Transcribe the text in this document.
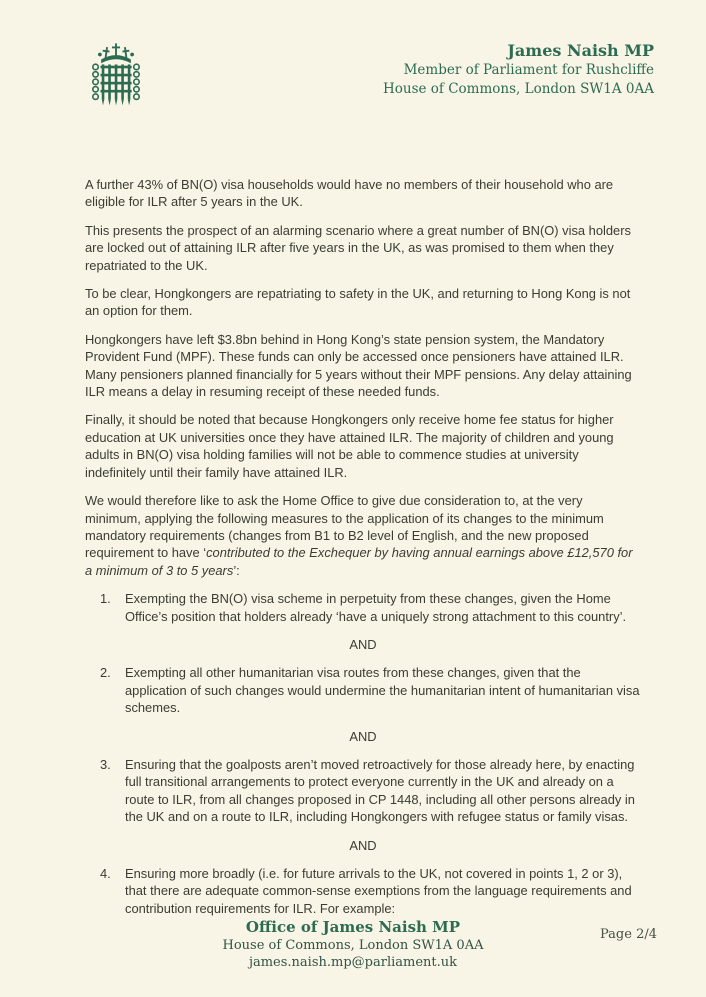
James Naish MP
Member of Parliament for Rushcliffe
House of Commons, London SW1A 0AA

A further 43% of BN(O) visa households would have no members of their household who are eligible for ILR after 5 years in the UK.

This presents the prospect of an alarming scenario where a great number of BN(O) visa holders are locked out of attaining ILR after five years in the UK, as was promised to them when they repatriated to the UK.

To be clear, Hongkongers are repatriating to safety in the UK, and returning to Hong Kong is not an option for them.

Hongkongers have left $3.8bn behind in Hong Kong’s state pension system, the Mandatory Provident Fund (MPF). These funds can only be accessed once pensioners have attained ILR. Many pensioners planned financially for 5 years without their MPF pensions. Any delay attaining ILR means a delay in resuming receipt of these needed funds.

Finally, it should be noted that because Hongkongers only receive home fee status for higher education at UK universities once they have attained ILR. The majority of children and young adults in BN(O) visa holding families will not be able to commence studies at university indefinitely until their family have attained ILR.

We would therefore like to ask the Home Office to give due consideration to, at the very minimum, applying the following measures to the application of its changes to the minimum mandatory requirements (changes from B1 to B2 level of English, and the new proposed requirement to have ‘contributed to the Exchequer by having annual earnings above £12,570 for a minimum of 3 to 5 years’:

1.	Exempting the BN(O) visa scheme in perpetuity from these changes, given the Home Office’s position that holders already ‘have a uniquely strong attachment to this country’.
AND
2.	Exempting all other humanitarian visa routes from these changes, given that the application of such changes would undermine the humanitarian intent of humanitarian visa schemes.
AND
3.	Ensuring that the goalposts aren’t moved retroactively for those already here, by enacting full transitional arrangements to protect everyone currently in the UK and already on a route to ILR, from all changes proposed in CP 1448, including all other persons already in the UK and on a route to ILR, including Hongkongers with refugee status or family visas.
AND
4.	Ensuring more broadly (i.e. for future arrivals to the UK, not covered in points 1, 2 or 3), that there are adequate common-sense exemptions from the language requirements and contribution requirements for ILR. For example:
Office of James Naish MP
House of Commons, London SW1A 0AA
james.naish.mp@parliament.uk
Page 2/4
